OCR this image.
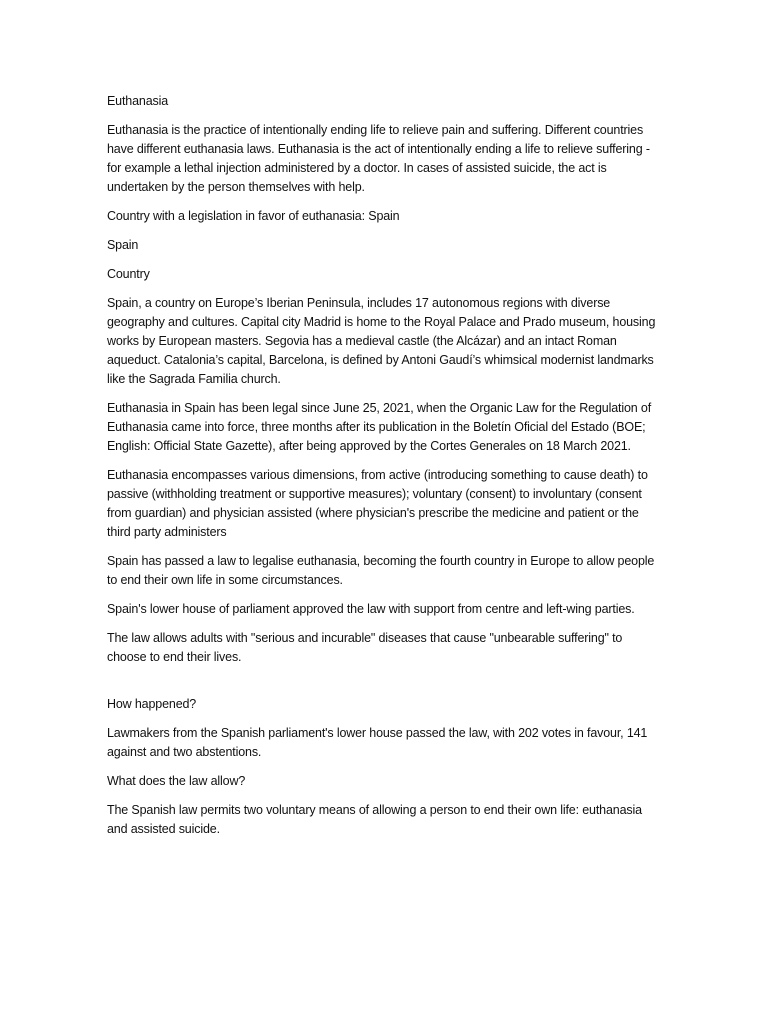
Euthanasia

Euthanasia is the practice of intentionally ending life to relieve pain and suffering. Different countries have different euthanasia laws. Euthanasia is the act of intentionally ending a life to relieve suffering - for example a lethal injection administered by a doctor. In cases of assisted suicide, the act is undertaken by the person themselves with help.

Country with a legislation in favor of euthanasia: Spain

Spain

Country

Spain, a country on Europe’s Iberian Peninsula, includes 17 autonomous regions with diverse geography and cultures. Capital city Madrid is home to the Royal Palace and Prado museum, housing works by European masters. Segovia has a medieval castle (the Alcázar) and an intact Roman aqueduct. Catalonia’s capital, Barcelona, is defined by Antoni Gaudí’s whimsical modernist landmarks like the Sagrada Familia church.

Euthanasia in Spain has been legal since June 25, 2021, when the Organic Law for the Regulation of Euthanasia came into force, three months after its publication in the Boletín Oficial del Estado (BOE; English: Official State Gazette), after being approved by the Cortes Generales on 18 March 2021.

Euthanasia encompasses various dimensions, from active (introducing something to cause death) to passive (withholding treatment or supportive measures); voluntary (consent) to involuntary (consent from guardian) and physician assisted (where physician's prescribe the medicine and patient or the third party administers

Spain has passed a law to legalise euthanasia, becoming the fourth country in Europe to allow people to end their own life in some circumstances.

Spain's lower house of parliament approved the law with support from centre and left-wing parties.

The law allows adults with "serious and incurable" diseases that cause "unbearable suffering" to choose to end their lives.

How happened?

Lawmakers from the Spanish parliament's lower house passed the law, with 202 votes in favour, 141 against and two abstentions.

What does the law allow?

The Spanish law permits two voluntary means of allowing a person to end their own life: euthanasia and assisted suicide.
